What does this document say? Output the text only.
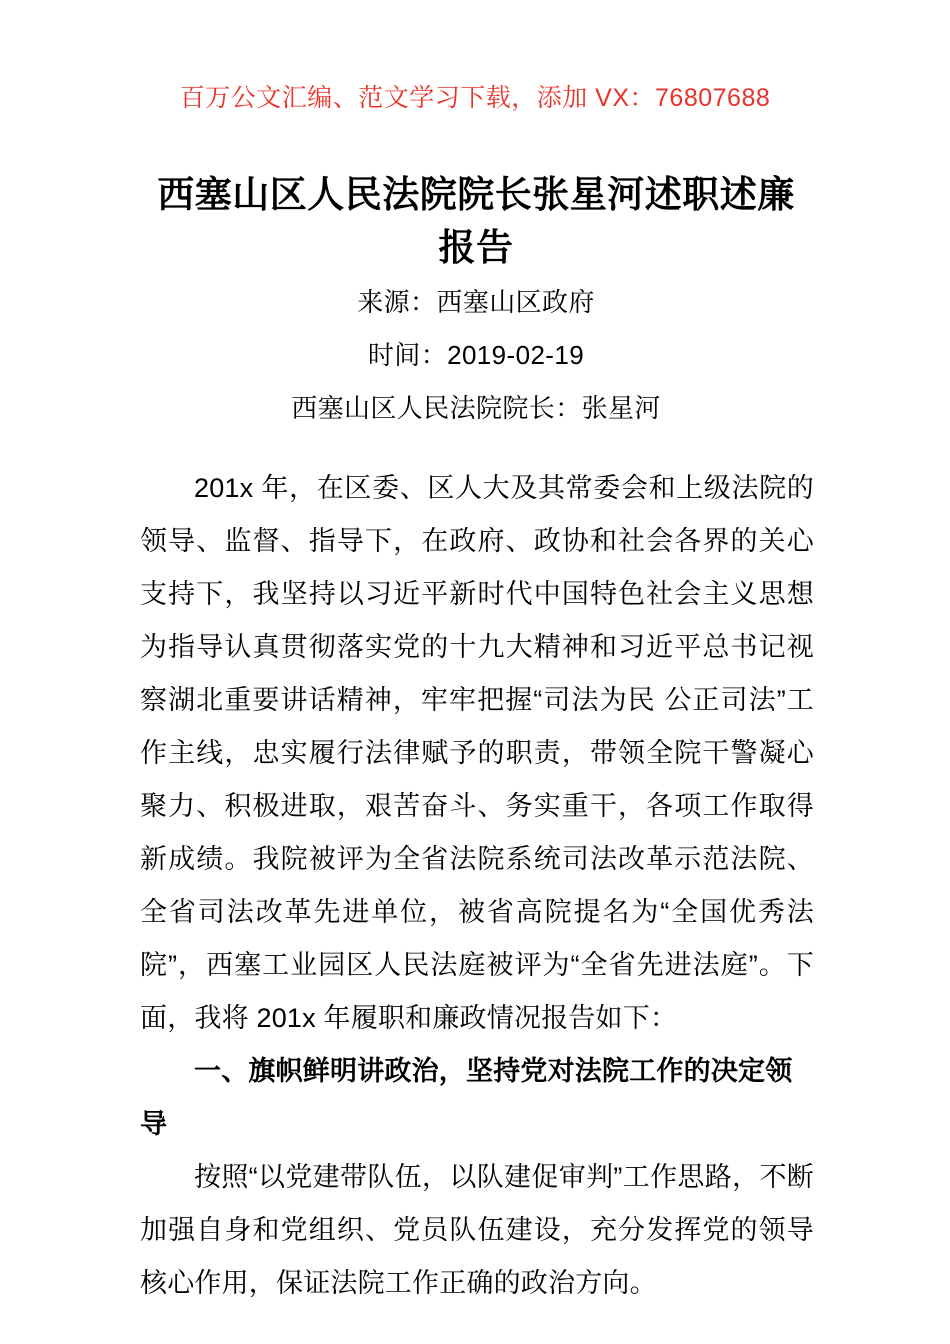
百万公文汇编、范文学习下载，添加 VX：76807688
西塞山区人民法院院长张星河述职述廉报告
来源：西塞山区政府
时间：2019-02-19
西塞山区人民法院院长：张星河

201x 年，在区委、区人大及其常委会和上级法院的领导、监督、指导下，在政府、政协和社会各界的关心支持下，我坚持以习近平新时代中国特色社会主义思想为指导认真贯彻落实党的十九大精神和习近平总书记视察湖北重要讲话精神，牢牢把握“司法为民 公正司法”工作主线，忠实履行法律赋予的职责，带领全院干警凝心聚力、积极进取，艰苦奋斗、务实重干，各项工作取得新成绩。我院被评为全省法院系统司法改革示范法院、全省司法改革先进单位，被省高院提名为“全国优秀法院”，西塞工业园区人民法庭被评为“全省先进法庭”。下面，我将 201x 年履职和廉政情况报告如下：

一、旗帜鲜明讲政治，坚持党对法院工作的决定领导

按照“以党建带队伍，以队建促审判”工作思路，不断加强自身和党组织、党员队伍建设，充分发挥党的领导核心作用，保证法院工作正确的政治方向。
